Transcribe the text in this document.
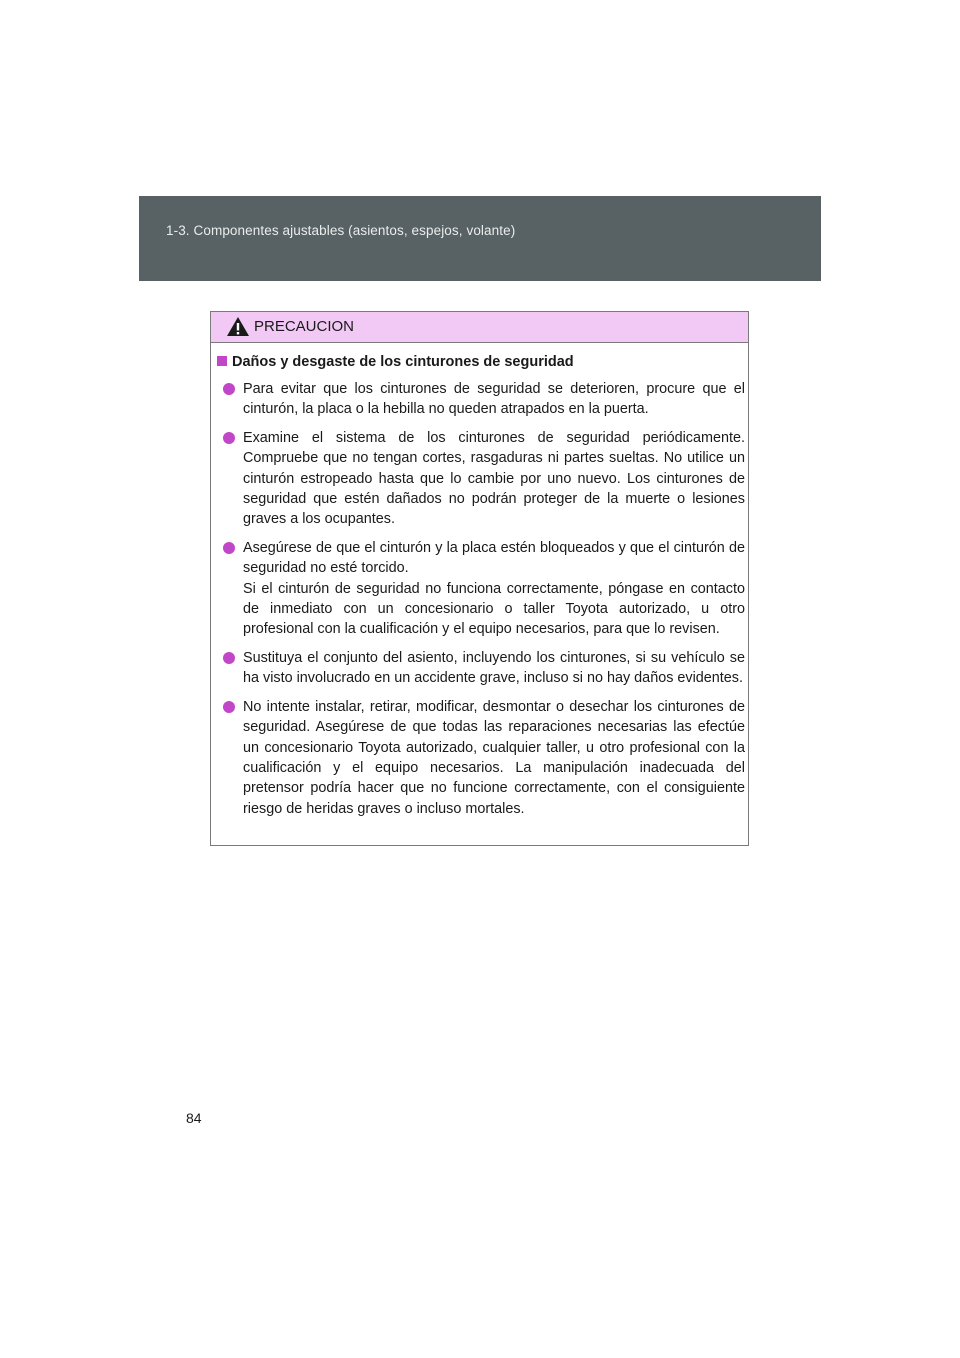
1-3. Componentes ajustables (asientos, espejos, volante)
PRECAUCION
Daños y desgaste de los cinturones de seguridad
Para evitar que los cinturones de seguridad se deterioren, procure que el cinturón, la placa o la hebilla no queden atrapados en la puerta.
Examine el sistema de los cinturones de seguridad periódicamente. Compruebe que no tengan cortes, rasgaduras ni partes sueltas. No utilice un cinturón estropeado hasta que lo cambie por uno nuevo. Los cinturones de seguridad que estén dañados no podrán proteger de la muerte o lesiones graves a los ocupantes.
Asegúrese de que el cinturón y la placa estén bloqueados y que el cinturón de seguridad no esté torcido.
Si el cinturón de seguridad no funciona correctamente, póngase en contacto de inmediato con un concesionario o taller Toyota autorizado, u otro profesional con la cualificación y el equipo necesarios, para que lo revisen.
Sustituya el conjunto del asiento, incluyendo los cinturones, si su vehículo se ha visto involucrado en un accidente grave, incluso si no hay daños evidentes.
No intente instalar, retirar, modificar, desmontar o desechar los cinturones de seguridad. Asegúrese de que todas las reparaciones necesarias las efectúe un concesionario Toyota autorizado, cualquier taller, u otro profesional con la cualificación y el equipo necesarios. La manipulación inadecuada del pretensor podría hacer que no funcione correctamente, con el consiguiente riesgo de heridas graves o incluso mortales.
84
